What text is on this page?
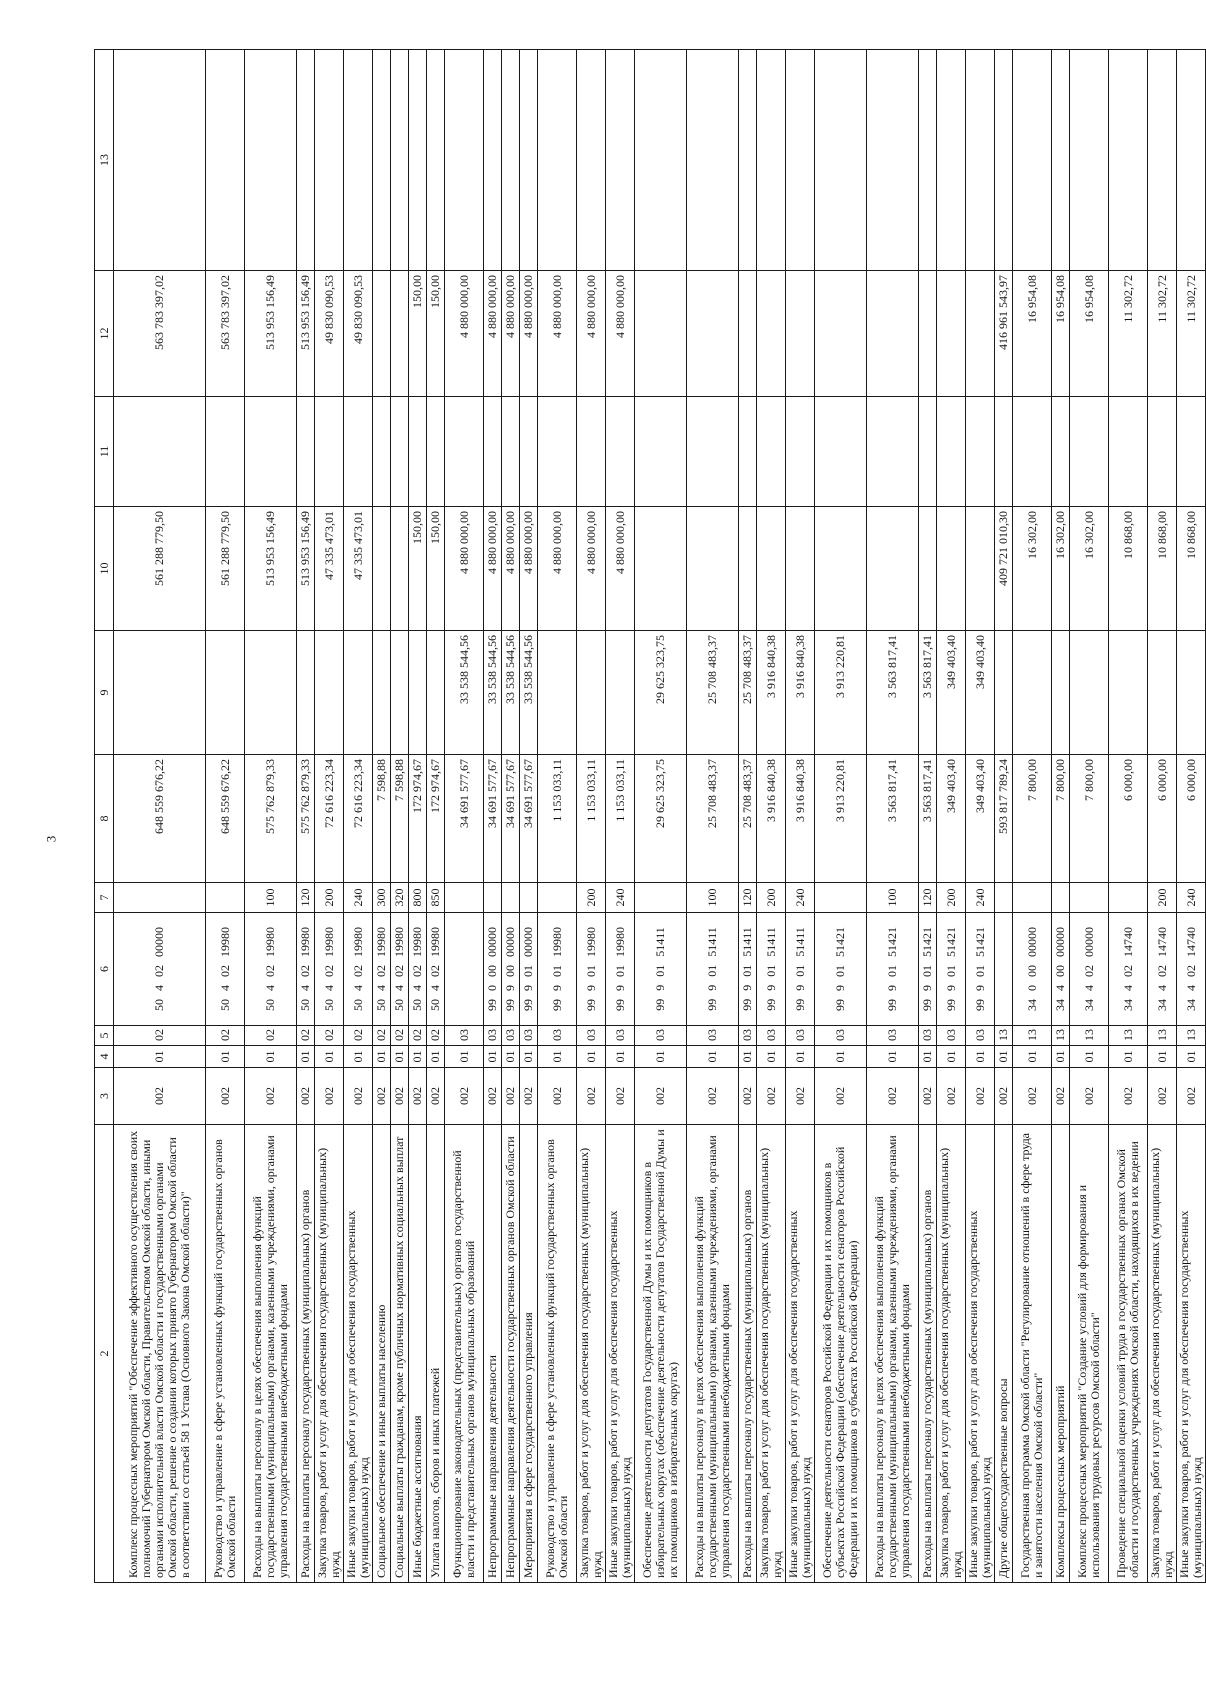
3
2	3	4	5	6	7	8	9	10	11	12	13
Комплекс процессных мероприятий "Обеспечение эффективного осуществления своих полномочий Губернатором Омской области, Правительством Омской области, иными органами исполнительной власти Омской области и государственными органами Омской области, решение о создании которых принято Губернатором Омской области в соответствии со статьей 58 1 Устава (Основного Закона Омской области)"	002	01	02	5040200000		648 559 676,22		561 288 779,50		563 783 397,02	
Руководство и управление в сфере установленных функций государственных органов Омской области	002	01	02	5040219980		648 559 676,22		561 288 779,50		563 783 397,02	
Расходы на выплаты персоналу в целях обеспечения выполнения функций государственными (муниципальными) органами, казенными учреждениями, органами управления государственными внебюджетными фондами	002	01	02	5040219980	100	575 762 879,33		513 953 156,49		513 953 156,49	
Расходы на выплаты персоналу государственных (муниципальных) органов	002	01	02	5040219980	120	575 762 879,33		513 953 156,49		513 953 156,49	
Закупка товаров, работ и услуг для обеспечения государственных (муниципальных) нужд	002	01	02	5040219980	200	72 616 223,34		47 335 473,01		49 830 090,53	
Иные закупки товаров, работ и услуг для обеспечения государственных (муниципальных) нужд	002	01	02	5040219980	240	72 616 223,34		47 335 473,01		49 830 090,53	
Социальное обеспечение и иные выплаты населению	002	01	02	5040219980	300	7 598,88					
Социальные выплаты гражданам, кроме публичных нормативных социальных выплат	002	01	02	5040219980	320	7 598,88					
Иные бюджетные ассигнования	002	01	02	5040219980	800	172 974,67		150,00		150,00	
Уплата налогов, сборов и иных платежей	002	01	02	5040219980	850	172 974,67		150,00		150,00	
Функционирование законодательных (представительных) органов государственной власти и представительных органов муниципальных образований	002	01	03			34 691 577,67	33 538 544,56	4 880 000,00		4 880 000,00	
Непрограммные направления деятельности	002	01	03	9900000000		34 691 577,67	33 538 544,56	4 880 000,00		4 880 000,00	
Непрограммные направления деятельности государственных органов Омской области	002	01	03	9990000000		34 691 577,67	33 538 544,56	4 880 000,00		4 880 000,00	
Мероприятия в сфере государственного управления	002	01	03	9990100000		34 691 577,67	33 538 544,56	4 880 000,00		4 880 000,00	
Руководство и управление в сфере установленных функций государственных органов Омской области	002	01	03	9990119980		1 153 033,11		4 880 000,00		4 880 000,00	
Закупка товаров, работ и услуг для обеспечения государственных (муниципальных) нужд	002	01	03	9990119980	200	1 153 033,11		4 880 000,00		4 880 000,00	
Иные закупки товаров, работ и услуг для обеспечения государственных (муниципальных) нужд	002	01	03	9990119980	240	1 153 033,11		4 880 000,00		4 880 000,00	
Обеспечение деятельности депутатов Государственной Думы и их помощников в избирательных округах (обеспечение деятельности депутатов Государственной Думы и их помощников в избирательных округах)	002	01	03	9990151411		29 625 323,75	29 625 323,75				
Расходы на выплаты персоналу в целях обеспечения выполнения функций государственными (муниципальными) органами, казенными учреждениями, органами управления государственными внебюджетными фондами	002	01	03	9990151411	100	25 708 483,37	25 708 483,37				
Расходы на выплаты персоналу государственных (муниципальных) органов	002	01	03	9990151411	120	25 708 483,37	25 708 483,37				
Закупка товаров, работ и услуг для обеспечения государственных (муниципальных) нужд	002	01	03	9990151411	200	3 916 840,38	3 916 840,38				
Иные закупки товаров, работ и услуг для обеспечения государственных (муниципальных) нужд	002	01	03	9990151411	240	3 916 840,38	3 916 840,38				
Обеспечение деятельности сенаторов Российской Федерации и их помощников в субъектах Российской Федерации (обеспечение деятельности сенаторов Российской Федерации и их помощников в субъектах Российской Федерации)	002	01	03	9990151421		3 913 220,81	3 913 220,81				
Расходы на выплаты персоналу в целях обеспечения выполнения функций государственными (муниципальными) органами, казенными учреждениями, органами управления государственными внебюджетными фондами	002	01	03	9990151421	100	3 563 817,41	3 563 817,41				
Расходы на выплаты персоналу государственных (муниципальных) органов	002	01	03	9990151421	120	3 563 817,41	3 563 817,41				
Закупка товаров, работ и услуг для обеспечения государственных (муниципальных) нужд	002	01	03	9990151421	200	349 403,40	349 403,40				
Иные закупки товаров, работ и услуг для обеспечения государственных (муниципальных) нужд	002	01	03	9990151421	240	349 403,40	349 403,40				
Другие общегосударственные вопросы	002	01	13			593 817 789,24		409 721 010,30		416 961 543,97	
Государственная программа Омской области "Регулирование отношений в сфере труда и занятости населения Омской области"	002	01	13	3400000000		7 800,00		16 302,00		16 954,08	
Комплексы процессных мероприятий	002	01	13	3440000000		7 800,00		16 302,00		16 954,08	
Комплекс процессных мероприятий "Создание условий для формирования и использования трудовых ресурсов Омской области"	002	01	13	3440200000		7 800,00		16 302,00		16 954,08	
Проведение специальной оценки условий труда в государственных органах Омской области и государственных учреждениях Омской области, находящихся в их ведении	002	01	13	3440214740		6 000,00		10 868,00		11 302,72	
Закупка товаров, работ и услуг для обеспечения государственных (муниципальных) нужд	002	01	13	3440214740	200	6 000,00		10 868,00		11 302,72	
Иные закупки товаров, работ и услуг для обеспечения государственных (муниципальных) нужд	002	01	13	3440214740	240	6 000,00		10 868,00		11 302,72	
